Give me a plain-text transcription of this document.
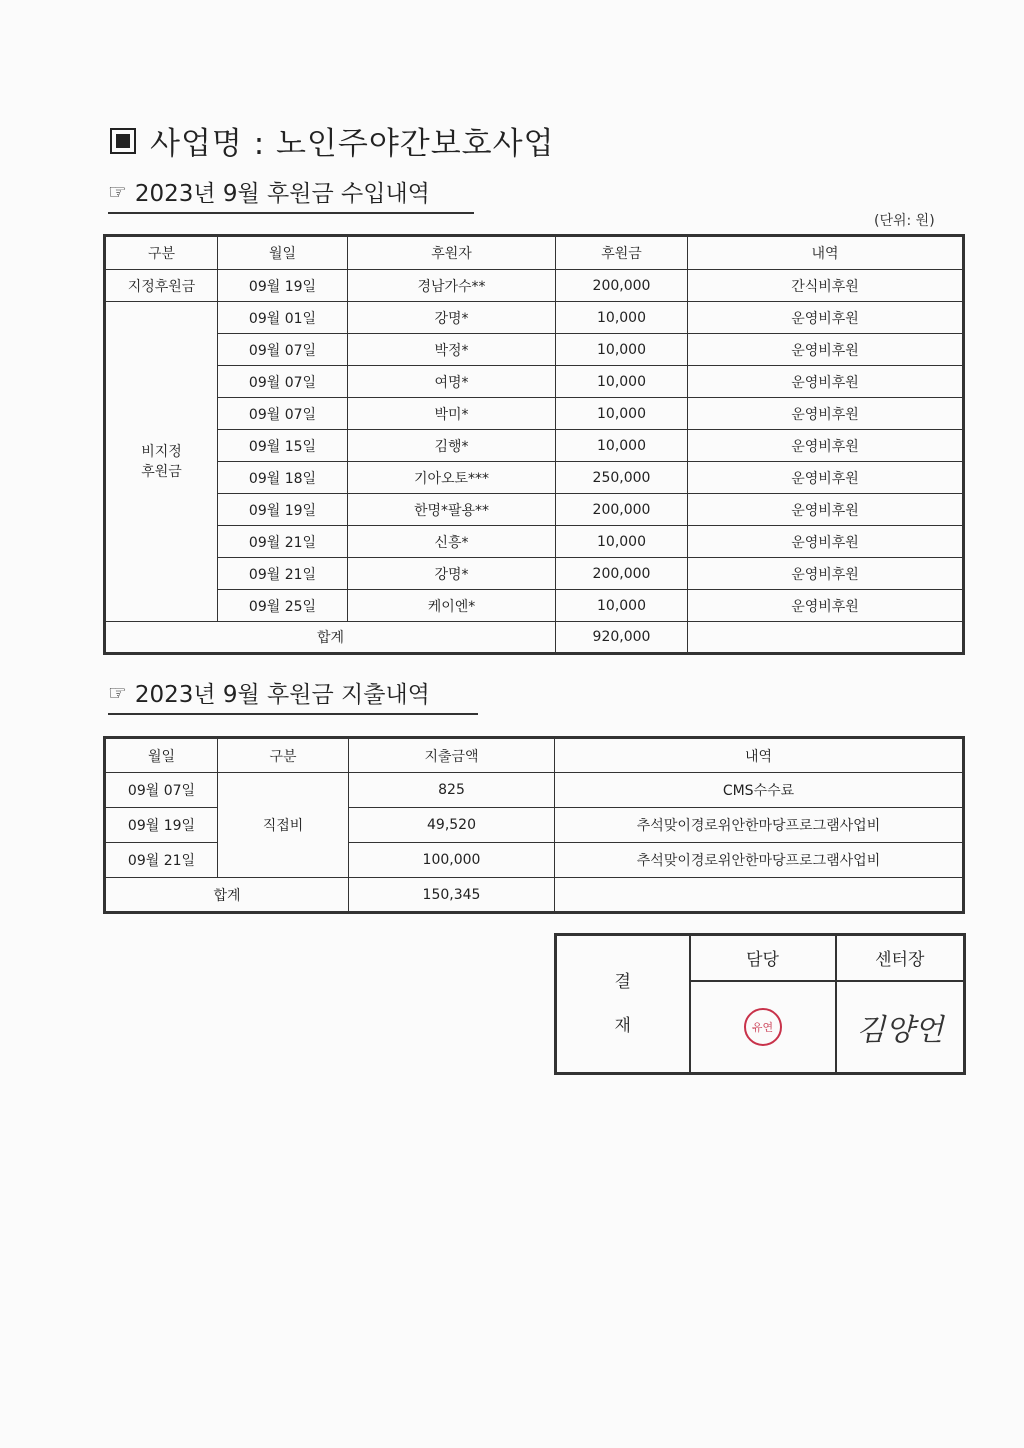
사업명 : 노인주야간보호사업
☞ 2023년 9월 후원금 수입내역
(단위: 원)
구분	월일	후원자	후원금	내역
지정후원금	09월 19일	경남가수**	200,000	간식비후원
비지정
후원금	09월 01일	강명*	10,000	운영비후원
	09월 07일	박정*	10,000	운영비후원
	09월 07일	여명*	10,000	운영비후원
	09월 07일	박미*	10,000	운영비후원
	09월 15일	김행*	10,000	운영비후원
	09월 18일	기아오토***	250,000	운영비후원
	09월 19일	한명*팔용**	200,000	운영비후원
	09월 21일	신흥*	10,000	운영비후원
	09월 21일	강명*	200,000	운영비후원
	09월 25일	케이엔*	10,000	운영비후원
합계			920,000	
☞ 2023년 9월 후원금 지출내역
월일	구분	지출금액	내역
09월 07일	직접비	825	CMS수수료
09월 19일		49,520	추석맞이경로위안한마당프로그램사업비
09월 21일		100,000	추석맞이경로위안한마당프로그램사업비
합계		150,345	
결
재	담당	센터장
	유연	김양언
